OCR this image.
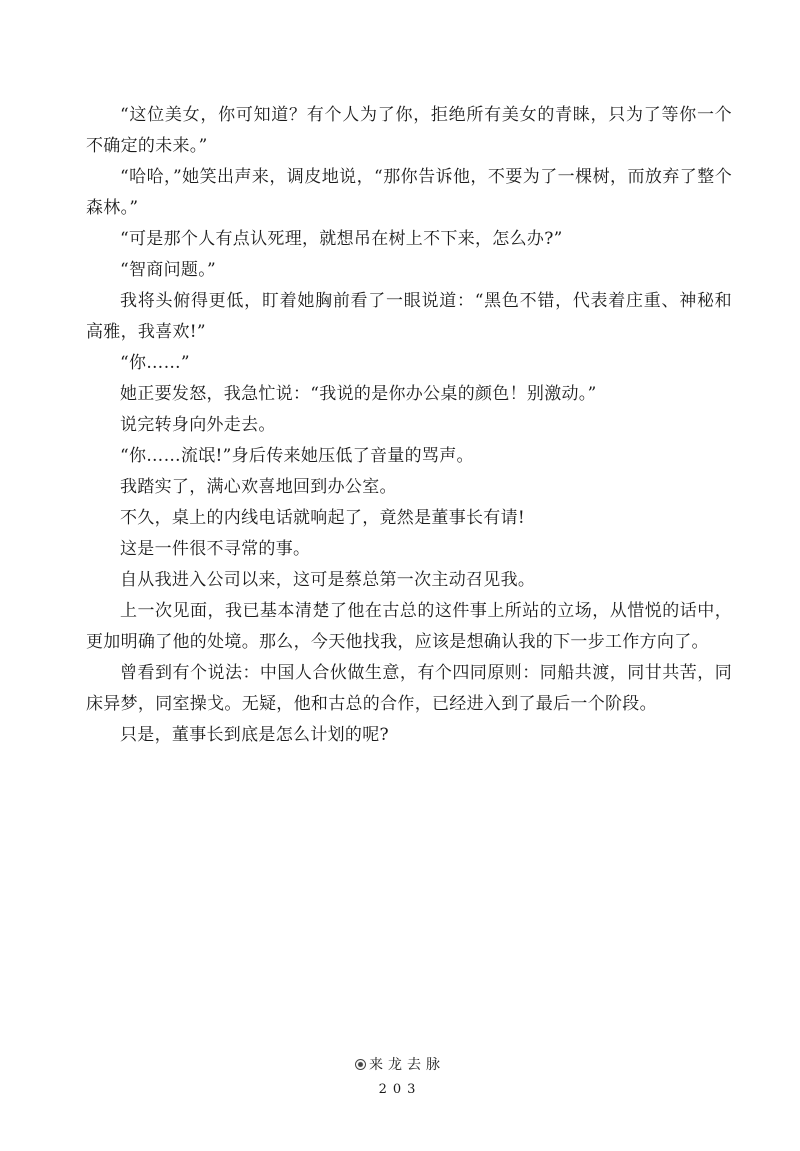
“这位美女，你可知道？有个人为了你，拒绝所有美女的青睐，只为了等你一个不确定的未来。”

“哈哈，”她笑出声来，调皮地说，“那你告诉他，不要为了一棵树，而放弃了整个森林。”

“可是那个人有点认死理，就想吊在树上不下来，怎么办?”

“智商问题。”

我将头俯得更低，盯着她胸前看了一眼说道：“黑色不错，代表着庄重、神秘和高雅，我喜欢!”

“你……”

她正要发怒，我急忙说：“我说的是你办公桌的颜色！别激动。”

说完转身向外走去。

“你……流氓!”身后传来她压低了音量的骂声。

我踏实了，满心欢喜地回到办公室。

不久，桌上的内线电话就响起了，竟然是董事长有请!

这是一件很不寻常的事。

自从我进入公司以来，这可是蔡总第一次主动召见我。

上一次见面，我已基本清楚了他在古总的这件事上所站的立场，从惜悦的话中，更加明确了他的处境。那么，今天他找我，应该是想确认我的下一步工作方向了。

曾看到有个说法：中国人合伙做生意，有个四同原则：同船共渡，同甘共苦，同床异梦，同室操戈。无疑，他和古总的合作，已经进入到了最后一个阶段。

只是，董事长到底是怎么计划的呢?

来龙去脉
203
